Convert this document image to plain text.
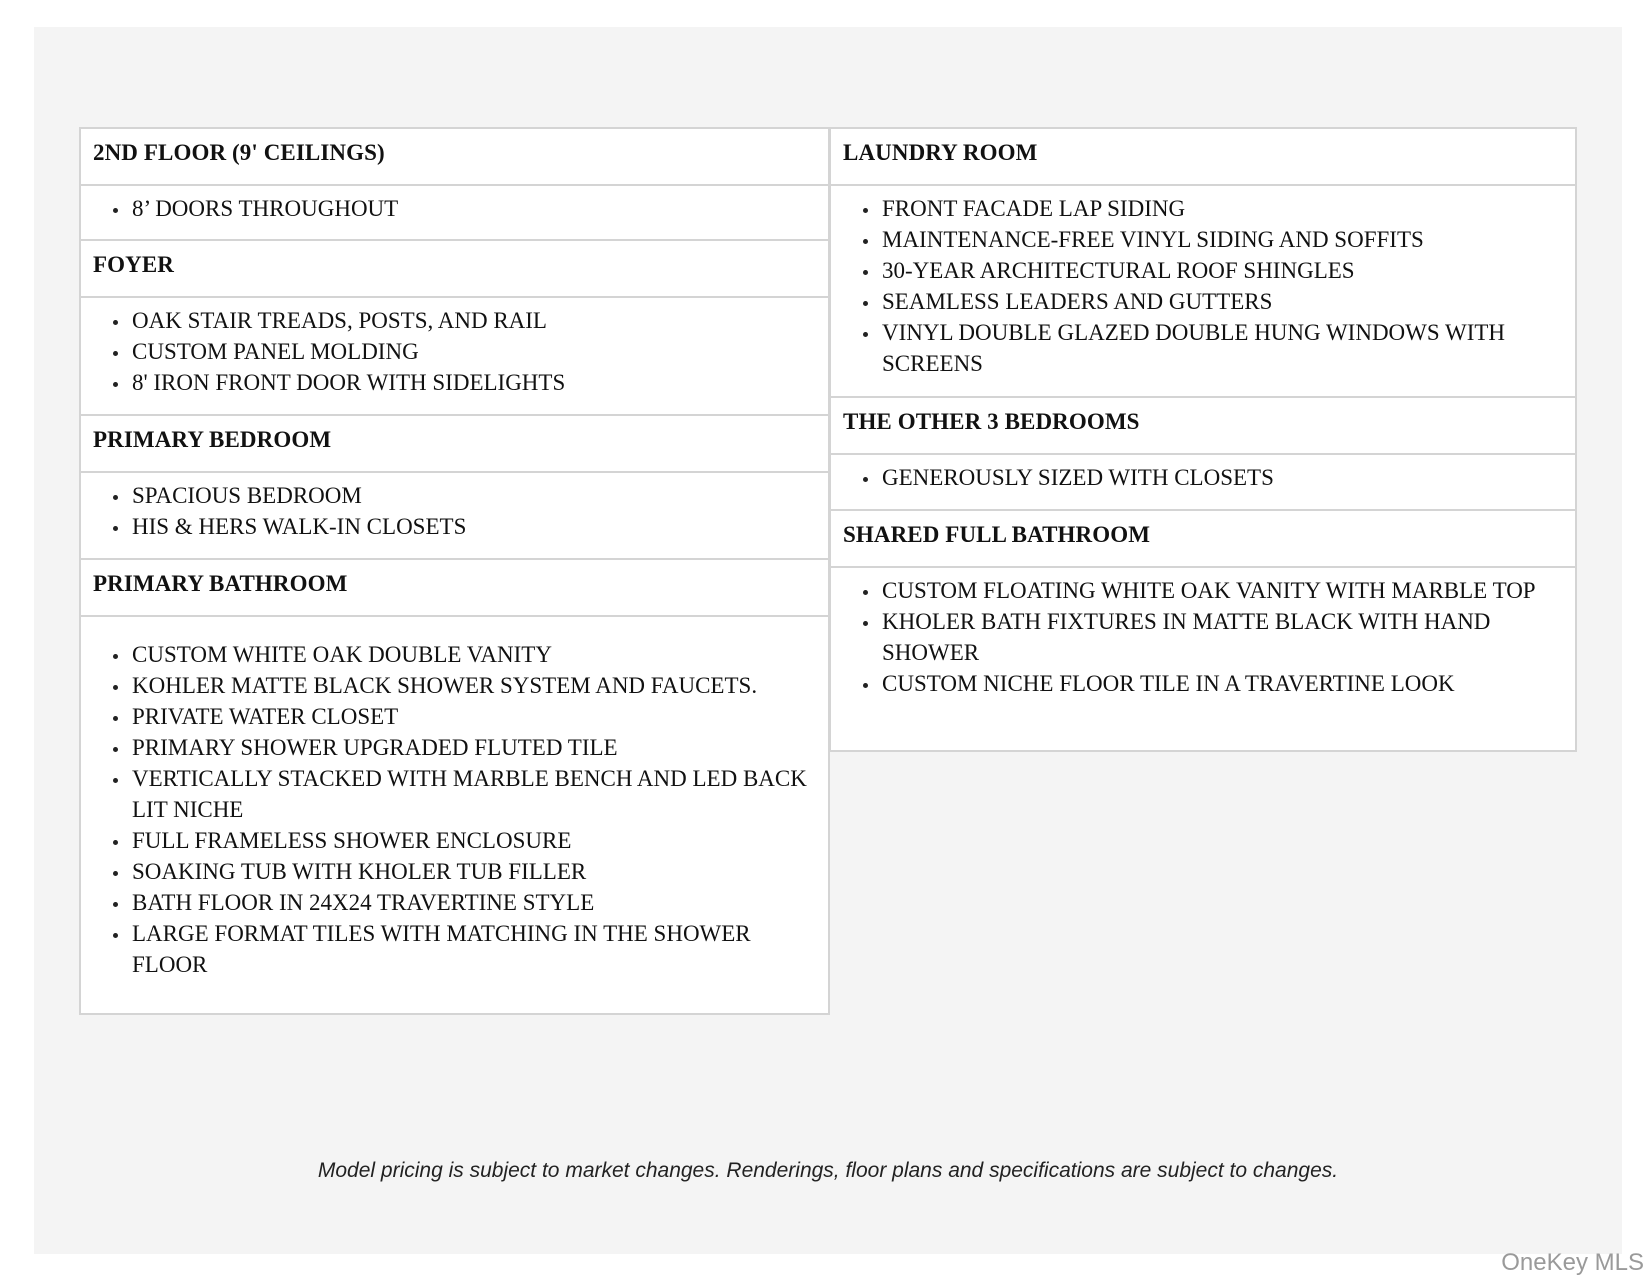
2ND FLOOR (9' CEILINGS)
8’ DOORS THROUGHOUT
FOYER
OAK STAIR TREADS, POSTS, AND RAIL
CUSTOM PANEL MOLDING
8' IRON FRONT DOOR WITH SIDELIGHTS
PRIMARY BEDROOM
SPACIOUS BEDROOM
HIS & HERS WALK-IN CLOSETS
PRIMARY BATHROOM
CUSTOM WHITE OAK DOUBLE VANITY
KOHLER MATTE BLACK SHOWER SYSTEM AND FAUCETS.
PRIVATE WATER CLOSET
PRIMARY SHOWER UPGRADED FLUTED TILE
VERTICALLY STACKED WITH MARBLE BENCH AND LED BACK LIT NICHE
FULL FRAMELESS SHOWER ENCLOSURE
SOAKING TUB WITH KHOLER TUB FILLER
BATH FLOOR IN 24X24 TRAVERTINE STYLE
LARGE FORMAT TILES WITH MATCHING IN THE SHOWER FLOOR
LAUNDRY ROOM
FRONT FACADE LAP SIDING
MAINTENANCE-FREE VINYL SIDING AND SOFFITS
30-YEAR ARCHITECTURAL ROOF SHINGLES
SEAMLESS LEADERS AND GUTTERS
VINYL DOUBLE GLAZED DOUBLE HUNG WINDOWS WITH SCREENS
THE OTHER 3 BEDROOMS
GENEROUSLY SIZED WITH CLOSETS
SHARED FULL BATHROOM
CUSTOM FLOATING WHITE OAK VANITY WITH MARBLE TOP
KHOLER BATH FIXTURES IN MATTE BLACK WITH HAND SHOWER
CUSTOM NICHE FLOOR TILE IN A TRAVERTINE LOOK
Model pricing is subject to market changes. Renderings, floor plans and specifications are subject to changes.
OneKey MLS
